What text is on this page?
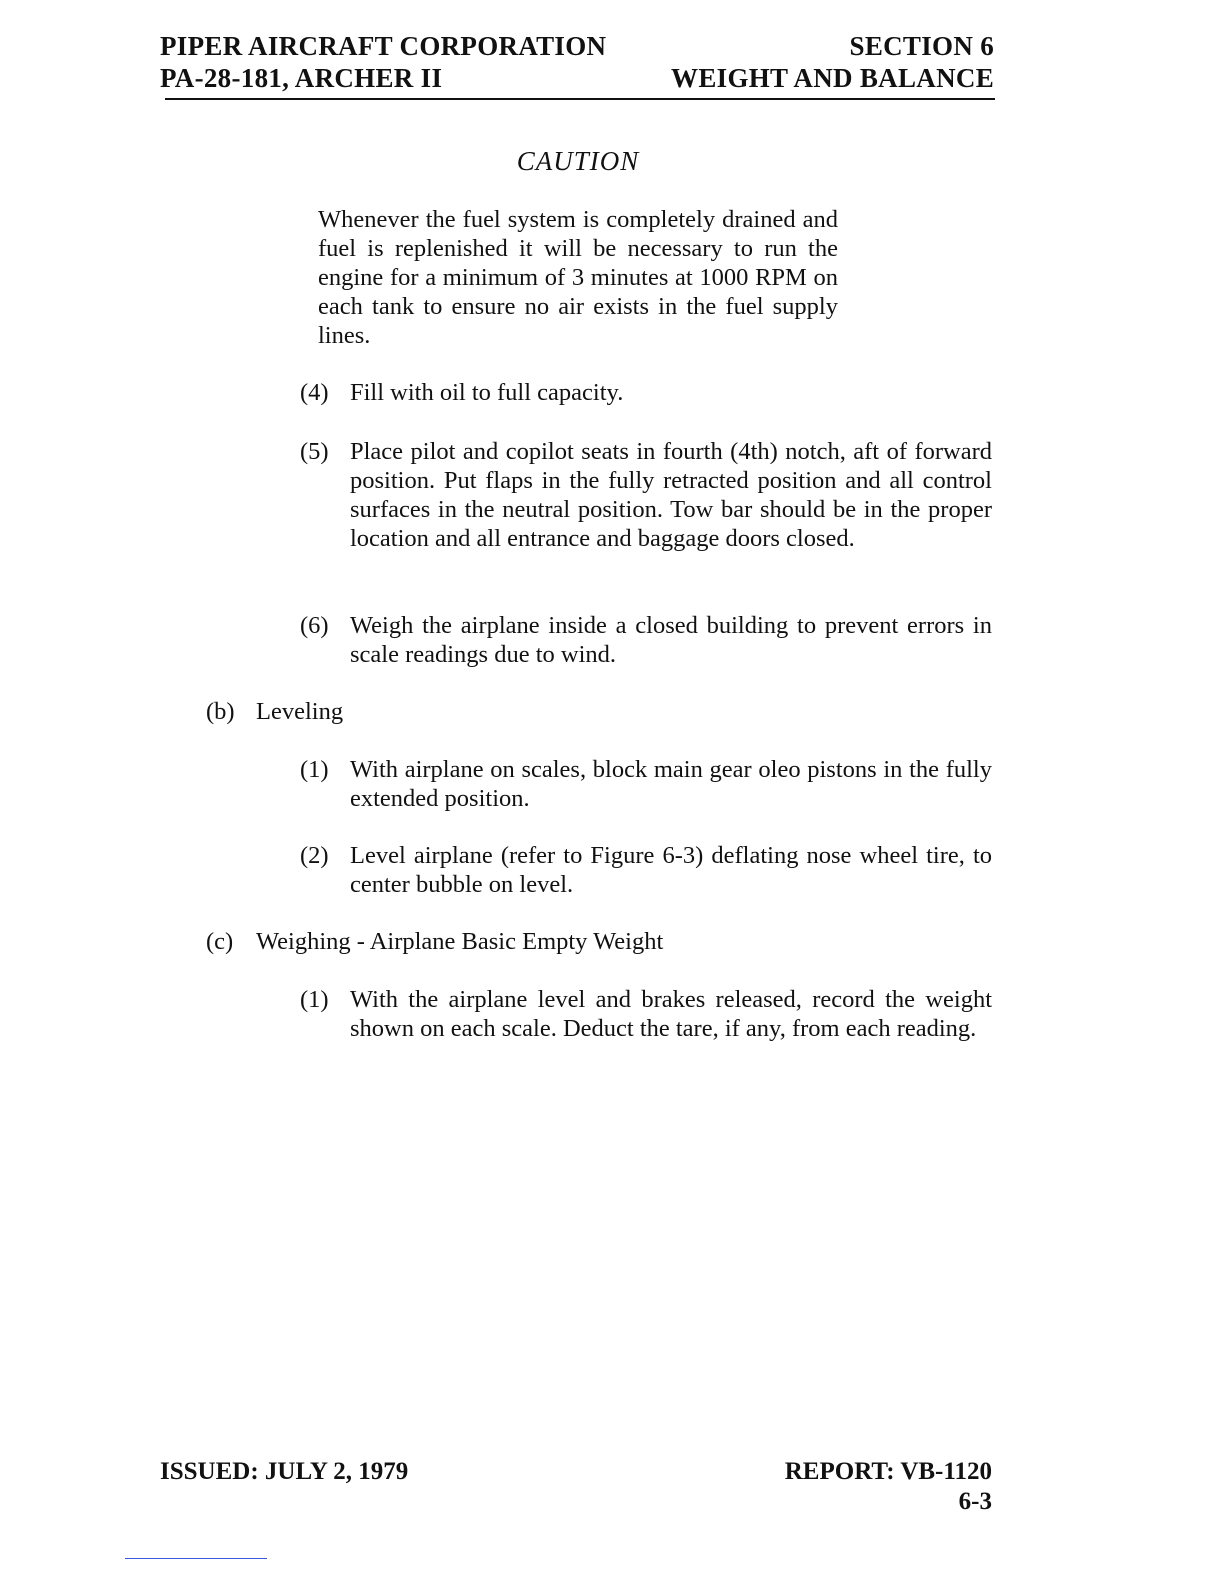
PIPER AIRCRAFT CORPORATION
PA-28-181, ARCHER II
SECTION 6
WEIGHT AND BALANCE
CAUTION
Whenever the fuel system is completely drained and fuel is replenished it will be necessary to run the engine for a minimum of 3 minutes at 1000 RPM on each tank to ensure no air exists in the fuel supply lines.
(4) Fill with oil to full capacity.
(5) Place pilot and copilot seats in fourth (4th) notch, aft of forward position. Put flaps in the fully retracted position and all control surfaces in the neutral position. Tow bar should be in the proper location and all entrance and baggage doors closed.
(6) Weigh the airplane inside a closed building to prevent errors in scale readings due to wind.
(b) Leveling
(1) With airplane on scales, block main gear oleo pistons in the fully extended position.
(2) Level airplane (refer to Figure 6-3) deflating nose wheel tire, to center bubble on level.
(c) Weighing - Airplane Basic Empty Weight
(1) With the airplane level and brakes released, record the weight shown on each scale. Deduct the tare, if any, from each reading.
ISSUED: JULY 2, 1979	REPORT: VB-1120
6-3
